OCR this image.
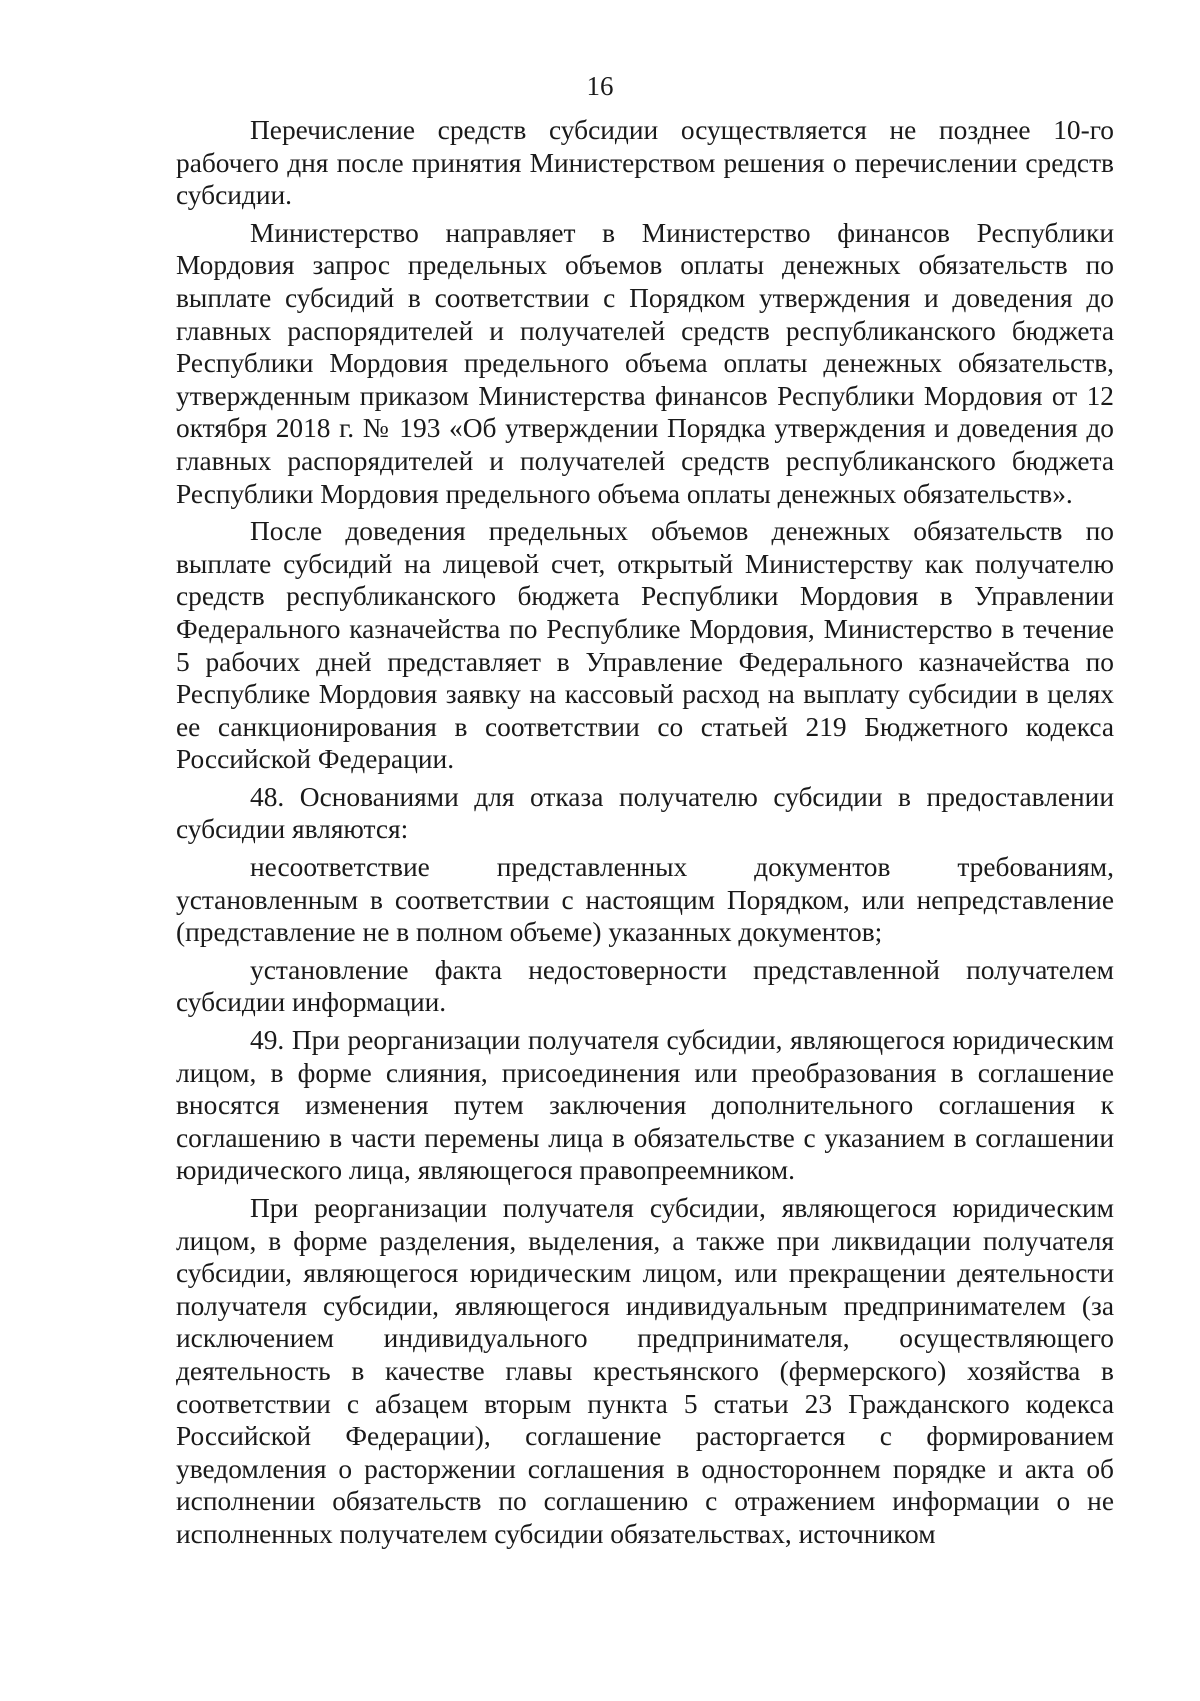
16

Перечисление средств субсидии осуществляется не позднее 10-го рабочего дня после принятия Министерством решения о перечислении средств субсидии.

Министерство направляет в Министерство финансов Республики Мордовия запрос предельных объемов оплаты денежных обязательств по выплате субсидий в соответствии с Порядком утверждения и доведения до главных распорядителей и получателей средств республиканского бюджета Республики Мордовия предельного объема оплаты денежных обязательств, утвержденным приказом Министерства финансов Республики Мордовия от 12 октября 2018 г. № 193 «Об утверждении Порядка утверждения и доведения до главных распорядителей и получателей средств республиканского бюджета Республики Мордовия предельного объема оплаты денежных обязательств».

После доведения предельных объемов денежных обязательств по выплате субсидий на лицевой счет, открытый Министерству как получателю средств республиканского бюджета Республики Мордовия в Управлении Федерального казначейства по Республике Мордовия, Министерство в течение 5 рабочих дней представляет в Управление Федерального казначейства по Республике Мордовия заявку на кассовый расход на выплату субсидии в целях ее санкционирования в соответствии со статьей 219 Бюджетного кодекса Российской Федерации.

48. Основаниями для отказа получателю субсидии в предоставлении субсидии являются:

несоответствие представленных документов требованиям, установленным в соответствии с настоящим Порядком, или непредставление (представление не в полном объеме) указанных документов;

установление факта недостоверности представленной получателем субсидии информации.

49. При реорганизации получателя субсидии, являющегося юридическим лицом, в форме слияния, присоединения или преобразования в соглашение вносятся изменения путем заключения дополнительного соглашения к соглашению в части перемены лица в обязательстве с указанием в соглашении юридического лица, являющегося правопреемником.

При реорганизации получателя субсидии, являющегося юридическим лицом, в форме разделения, выделения, а также при ликвидации получателя субсидии, являющегося юридическим лицом, или прекращении деятельности получателя субсидии, являющегося индивидуальным предпринимателем (за исключением индивидуального предпринимателя, осуществляющего деятельность в качестве главы крестьянского (фермерского) хозяйства в соответствии с абзацем вторым пункта 5 статьи 23 Гражданского кодекса Российской Федерации), соглашение расторгается с формированием уведомления о расторжении соглашения в одностороннем порядке и акта об исполнении обязательств по соглашению с отражением информации о не исполненных получателем субсидии обязательствах, источником
